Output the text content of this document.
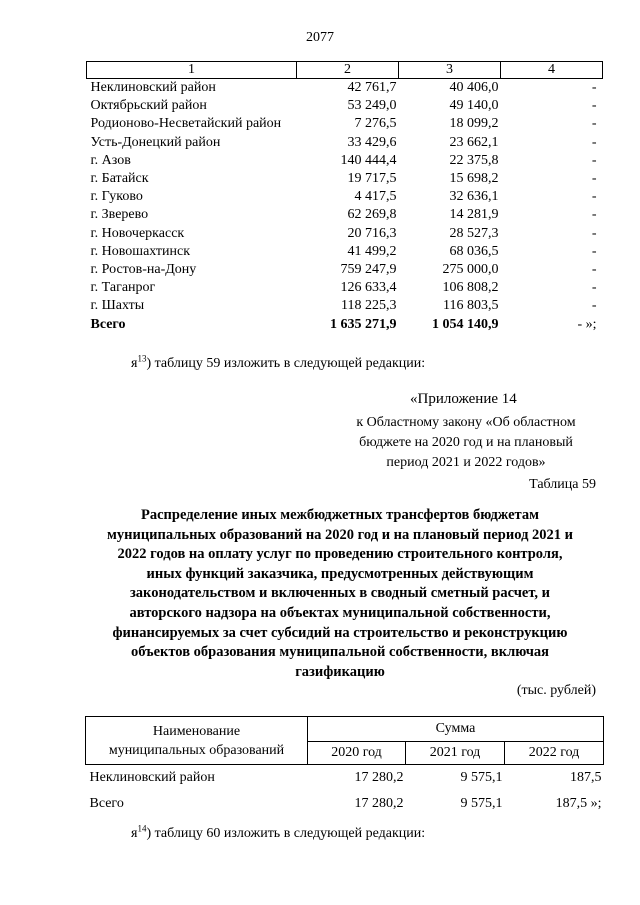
2077
1	2	3	4
Неклиновский район	42 761,7	40 406,0	-
Октябрьский район	53 249,0	49 140,0	-
Родионово-Несветайский район	7 276,5	18 099,2	-
Усть-Донецкий район	33 429,6	23 662,1	-
г. Азов	140 444,4	22 375,8	-
г. Батайск	19 717,5	15 698,2	-
г. Гуково	4 417,5	32 636,1	-
г. Зверево	62 269,8	14 281,9	-
г. Новочеркасск	20 716,3	28 527,3	-
г. Новошахтинск	41 499,2	68 036,5	-
г. Ростов-на-Дону	759 247,9	275 000,0	-
г. Таганрог	126 633,4	106 808,2	-
г. Шахты	118 225,3	116 803,5	-
Всего	1 635 271,9	1 054 140,9	- »;
$я^{13}$) таблицу 59 изложить в следующей редакции:
«Приложение 14
к Областному закону «Об областном
бюджете на 2020 год и на плановый
период 2021 и 2022 годов»
Таблица 59
Распределение иных межбюджетных трансфертов бюджетам
муниципальных образований на 2020 год и на плановый период 2021 и
2022 годов на оплату услуг по проведению строительного контроля,
иных функций заказчика, предусмотренных действующим
законодательством и включенных в сводный сметный расчет, и
авторского надзора на объектах муниципальной собственности,
финансируемых за счет субсидий на строительство и реконструкцию
объектов образования муниципальной собственности, включая
газификацию
(тыс. рублей)
Наименование
муниципальных образований	Сумма		
	2020 год	2021 год	2022 год
Неклиновский район	17 280,2	9 575,1	187,5
Всего	17 280,2	9 575,1	187,5 »;
$я^{14}$) таблицу 60 изложить в следующей редакции:
